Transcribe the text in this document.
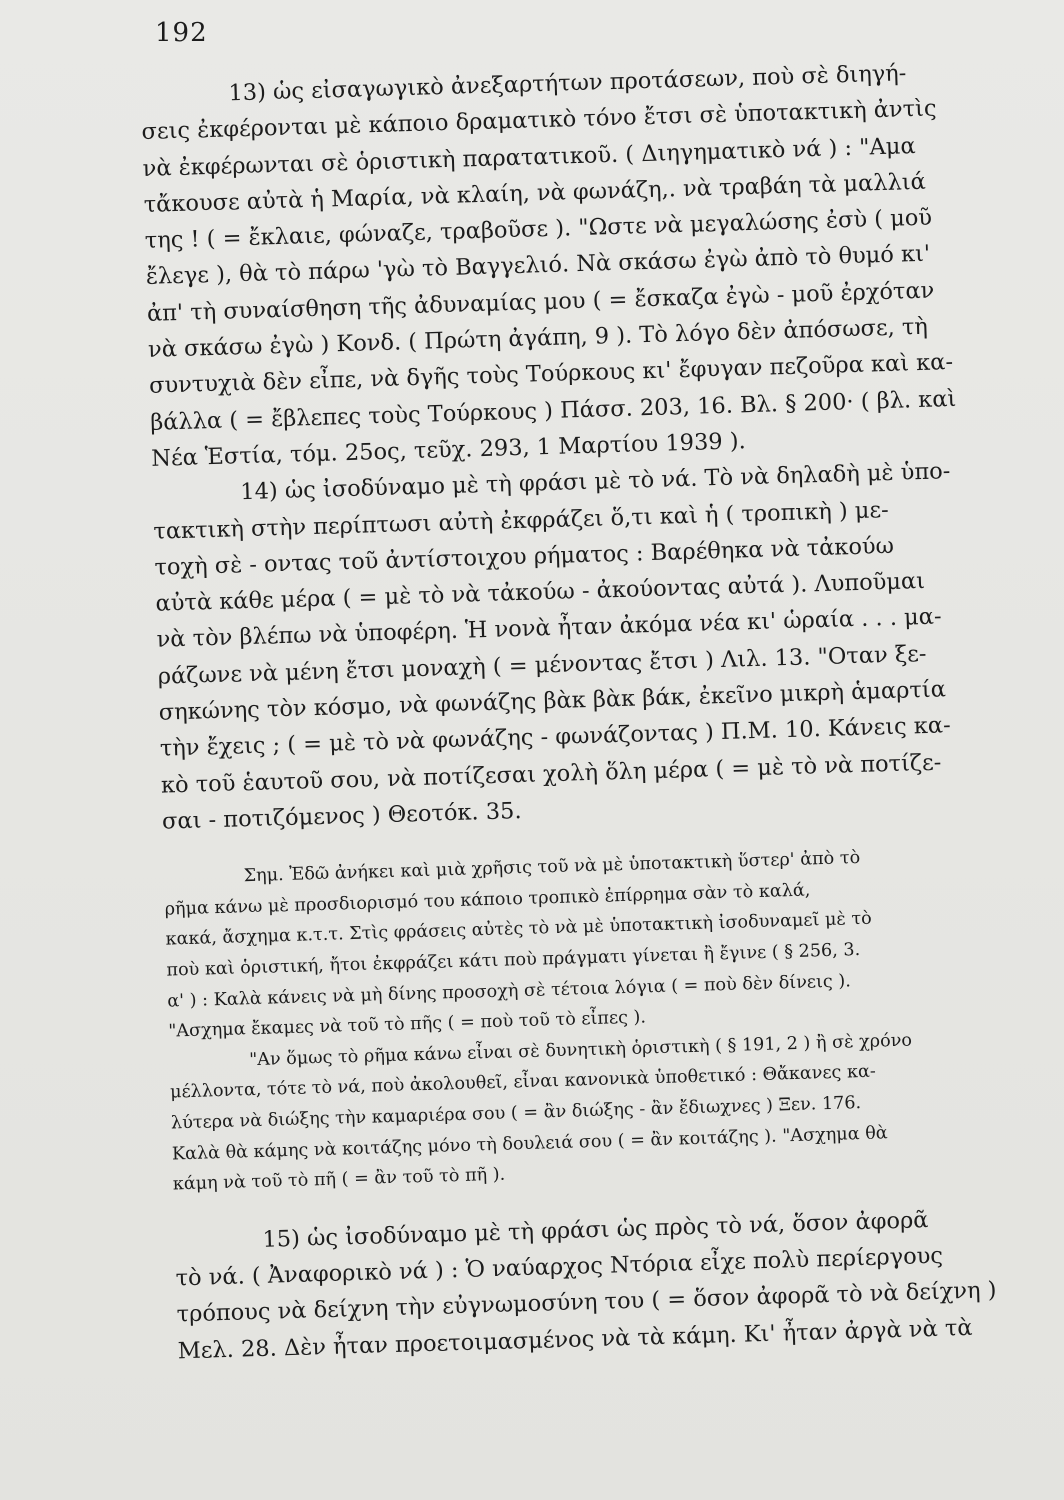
192
13) ὡς εἰσαγωγικὸ ἀνεξαρτήτων προτάσεων, ποὺ σὲ διηγή-
σεις ἐκφέρονται μὲ κάποιο δραματικὸ τόνο ἔτσι σὲ ὑποτακτικὴ ἀντὶς
νὰ ἐκφέρωνται σὲ ὁριστικὴ παρατατικοῦ. ( Διηγηματικὸ νά ) : "Αμα
τἄκουσε αὐτὰ ἡ Μαρία, νὰ κλαίη, νὰ φωνάζη,. νὰ τραβάη τὰ μαλλιά
της ! ( = ἔκλαιε, φώναζε, τραβοῦσε ). "Ωστε νὰ μεγαλώσης ἐσὺ ( μοῦ
ἔλεγε ), θὰ τὸ πάρω 'γὼ τὸ Βαγγελιό. Νὰ σκάσω ἐγὼ ἀπὸ τὸ θυμό κι'
ἀπ' τὴ συναίσθηση τῆς ἀδυναμίας μου ( = ἔσκαζα ἐγὼ - μοῦ ἐρχόταν
νὰ σκάσω ἐγὼ ) Κονδ. ( Πρώτη ἀγάπη, 9 ). Τὸ λόγο δὲν ἀπόσωσε, τὴ
συντυχιὰ δὲν εἶπε, νὰ δγῆς τοὺς Τούρκους κι' ἔφυγαν πεζοῦρα καὶ κα-
βάλλα ( = ἔβλεπες τοὺς Τούρκους ) Πάσσ. 203, 16. Βλ. § 200· ( βλ. καὶ
Νέα Ἑστία, τόμ. 25ος, τεῦχ. 293, 1 Μαρτίου 1939 ).
14) ὡς ἰσοδύναμο μὲ τὴ φράσι μὲ τὸ νά. Τὸ νὰ δηλαδὴ μὲ ὑπο-
τακτικὴ στὴν περίπτωσι αὐτὴ ἐκφράζει ὅ,τι καὶ ἡ ( τροπικὴ ) με-
τοχὴ σὲ - οντας τοῦ ἀντίστοιχου ρήματος : Βαρέθηκα νὰ τἀκούω
αὐτὰ κάθε μέρα ( = μὲ τὸ νὰ τἀκούω - ἀκούοντας αὐτά ). Λυποῦμαι
νὰ τὸν βλέπω νὰ ὑποφέρη. Ἡ νονὰ ἦταν ἀκόμα νέα κι' ὡραία . . . μα-
ράζωνε νὰ μένη ἔτσι μοναχὴ ( = μένοντας ἔτσι ) Λιλ. 13. "Οταν ξε-
σηκώνης τὸν κόσμο, νὰ φωνάζης βὰκ βὰκ βάκ, ἐκεῖνο μικρὴ ἁμαρτία
τὴν ἔχεις ; ( = μὲ τὸ νὰ φωνάζης - φωνάζοντας ) Π.Μ. 10. Κάνεις κα-
κὸ τοῦ ἑαυτοῦ σου, νὰ ποτίζεσαι χολὴ ὅλη μέρα ( = μὲ τὸ νὰ ποτίζε-
σαι - ποτιζόμενος ) Θεοτόκ. 35.
Σημ. Ἐδῶ ἀνήκει καὶ μιὰ χρῆσις τοῦ νὰ μὲ ὑποτακτικὴ ὕστερ' ἀπὸ τὸ
ρῆμα κάνω μὲ προσδιορισμό του κάποιο τροπικὸ ἐπίρρημα σὰν τὸ καλά,
κακά, ἄσχημα κ.τ.τ. Στὶς φράσεις αὐτὲς τὸ νὰ μὲ ὑποτακτικὴ ἰσοδυναμεῖ μὲ τὸ
ποὺ καὶ ὁριστική, ἤτοι ἐκφράζει κάτι ποὺ πράγματι γίνεται ἢ ἔγινε ( § 256, 3.
α' ) : Καλὰ κάνεις νὰ μὴ δίνης προσοχὴ σὲ τέτοια λόγια ( = ποὺ δὲν δίνεις ).
"Ασχημα ἔκαμες νὰ τοῦ τὸ πῆς ( = ποὺ τοῦ τὸ εἶπες ).
"Αν ὅμως τὸ ρῆμα κάνω εἶναι σὲ δυνητικὴ ὁριστικὴ ( § 191, 2 ) ἢ σὲ χρόνο
μέλλοντα, τότε τὸ νά, ποὺ ἀκολουθεῖ, εἶναι κανονικὰ ὑποθετικό : Θἄκανες κα-
λύτερα νὰ διώξης τὴν καμαριέρα σου ( = ἂν διώξης - ἂν ἔδιωχνες ) Ξεν. 176.
Καλὰ θὰ κάμης νὰ κοιτάζης μόνο τὴ δουλειά σου ( = ἂν κοιτάζης ). "Ασχημα θὰ
κάμη νὰ τοῦ τὸ πῆ ( = ἂν τοῦ τὸ πῆ ).
15) ὡς ἰσοδύναμο μὲ τὴ φράσι ὡς πρὸς τὸ νά, ὅσον ἀφορᾶ
τὸ νά. ( Ἀναφορικὸ νά ) : Ὁ ναύαρχος Ντόρια εἶχε πολὺ περίεργους
τρόπους νὰ δείχνη τὴν εὐγνωμοσύνη του ( = ὅσον ἀφορᾶ τὸ νὰ δείχνη )
Μελ. 28. Δὲν ἦταν προετοιμασμένος νὰ τὰ κάμη. Κι' ἦταν ἀργὰ νὰ τὰ
